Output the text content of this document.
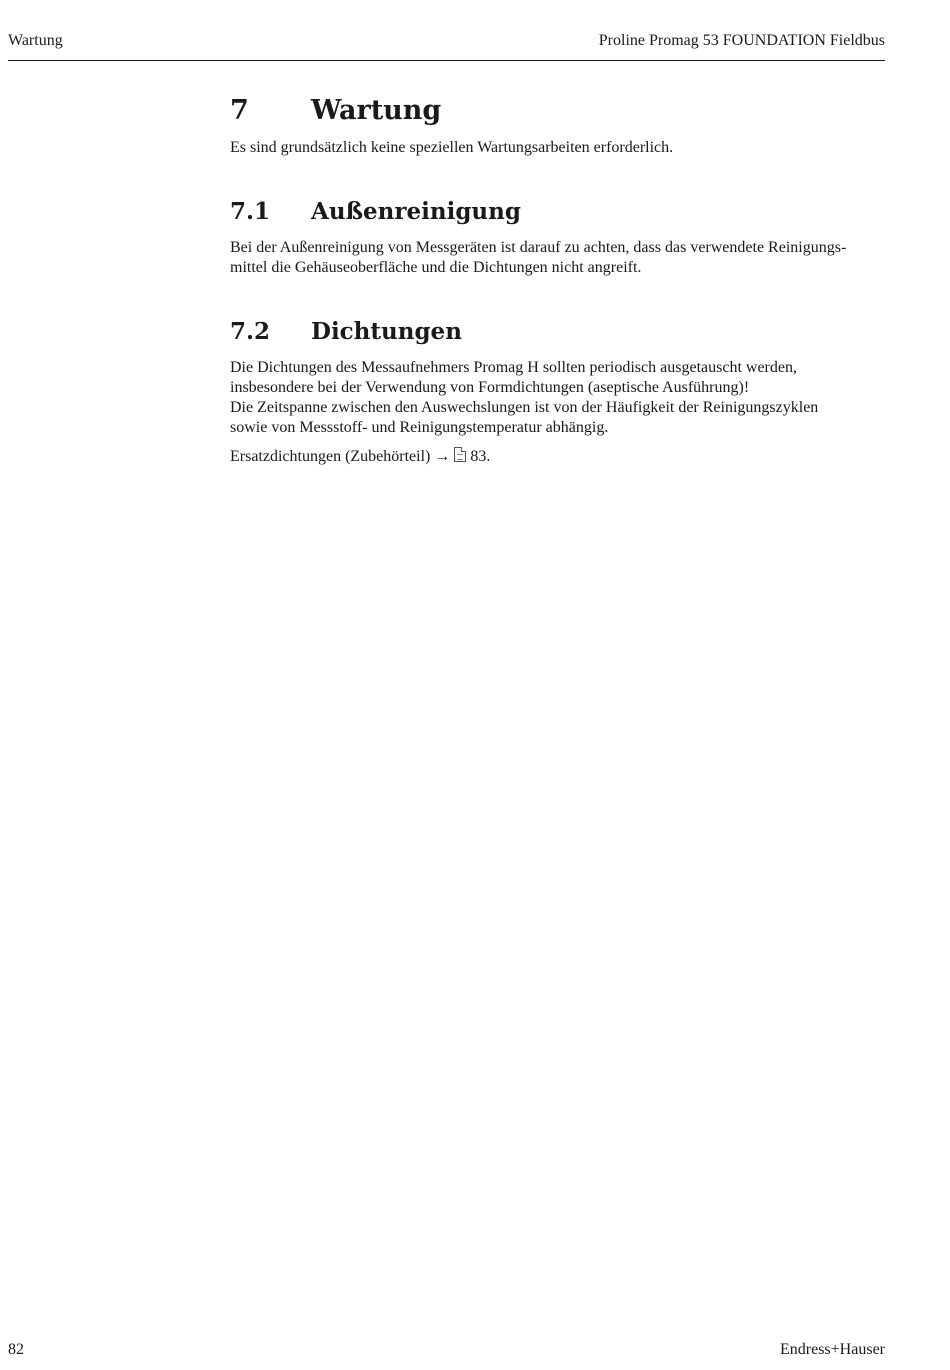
Wartung	Proline Promag 53 FOUNDATION Fieldbus
7	Wartung

Es sind grundsätzlich keine speziellen Wartungsarbeiten erforderlich.

7.1	Außenreinigung

Bei der Außenreinigung von Messgeräten ist darauf zu achten, dass das verwendete Reinigungs-
mittel die Gehäuseoberfläche und die Dichtungen nicht angreift.

7.2	Dichtungen

Die Dichtungen des Messaufnehmers Promag H sollten periodisch ausgetauscht werden,
insbesondere bei der Verwendung von Formdichtungen (aseptische Ausführung)!
Die Zeitspanne zwischen den Auswechslungen ist von der Häufigkeit der Reinigungszyklen
sowie von Messstoff- und Reinigungstemperatur abhängig.

Ersatzdichtungen (Zubehörteil) → 83.

82	Endress+Hauser
